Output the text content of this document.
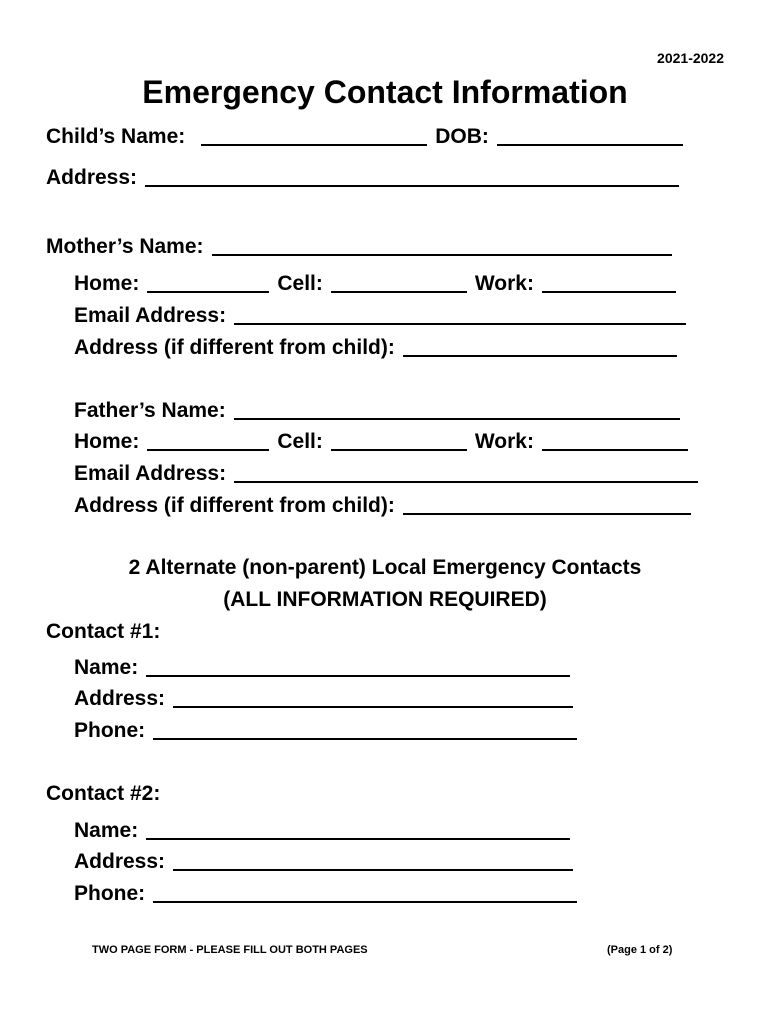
2021-2022
Emergency Contact Information
Child’s Name:	DOB:
Address:
Mother’s Name:
Home:	Cell:	Work:
Email Address:
Address (if different from child):
Father’s Name:
Home:	Cell:	Work:
Email Address:
Address (if different from child):
2 Alternate (non-parent) Local Emergency Contacts
(ALL INFORMATION REQUIRED)
Contact #1:
Name:
Address:
Phone:
Contact #2:
Name:
Address:
Phone:
TWO PAGE FORM - PLEASE FILL OUT BOTH PAGES	(Page 1 of 2)
